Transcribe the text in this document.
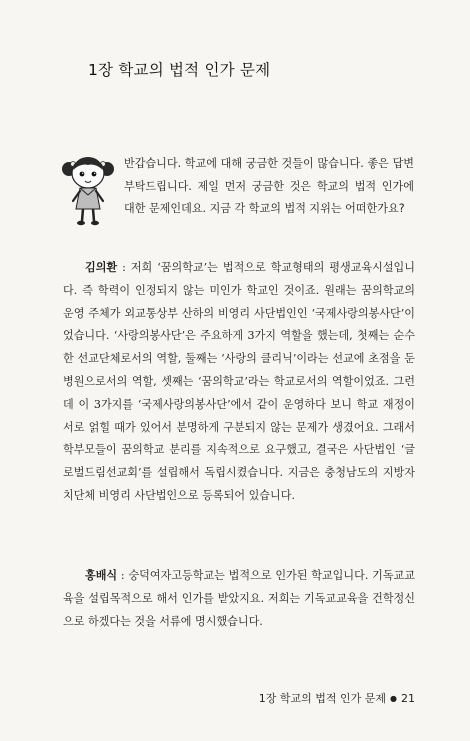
1장 학교의 법적 인가 문제
반갑습니다. 학교에 대해 궁금한 것들이 많습니다. 좋은 답변 부탁드립니다. 제일 먼저 궁금한 것은 학교의 법적 인가에 대한 문제인데요. 지금 각 학교의 법적 지위는 어떠한가요?
김의환 : 저희 ‘꿈의학교’는 법적으로 학교형태의 평생교육시설입니다. 즉 학력이 인정되지 않는 미인가 학교인 것이죠. 원래는 꿈의학교의 운영 주체가 외교통상부 산하의 비영리 사단법인인 ‘국제사랑의봉사단’이었습니다. ‘사랑의봉사단’은 주요하게 3가지 역할을 했는데, 첫째는 순수한 선교단체로서의 역할, 둘째는 ‘사랑의 클리닉’이라는 선교에 초점을 둔 병원으로서의 역할, 셋째는 ‘꿈의학교’라는 학교로서의 역할이었죠. 그런데 이 3가지를 ‘국제사랑의봉사단’에서 같이 운영하다 보니 학교 재정이 서로 얽힐 때가 있어서 분명하게 구분되지 않는 문제가 생겼어요. 그래서 학부모들이 꿈의학교 분리를 지속적으로 요구했고, 결국은 사단법인 ‘글로벌드림선교회’를 설립해서 독립시켰습니다. 지금은 충청남도의 지방자치단체 비영리 사단법인으로 등록되어 있습니다.
홍배식 : 숭덕여자고등학교는 법적으로 인가된 학교입니다. 기독교교육을 설립목적으로 해서 인가를 받았지요. 저희는 기독교교육을 건학정신으로 하겠다는 것을 서류에 명시했습니다.
1장 학교의 법적 인가 문제 ● 21
